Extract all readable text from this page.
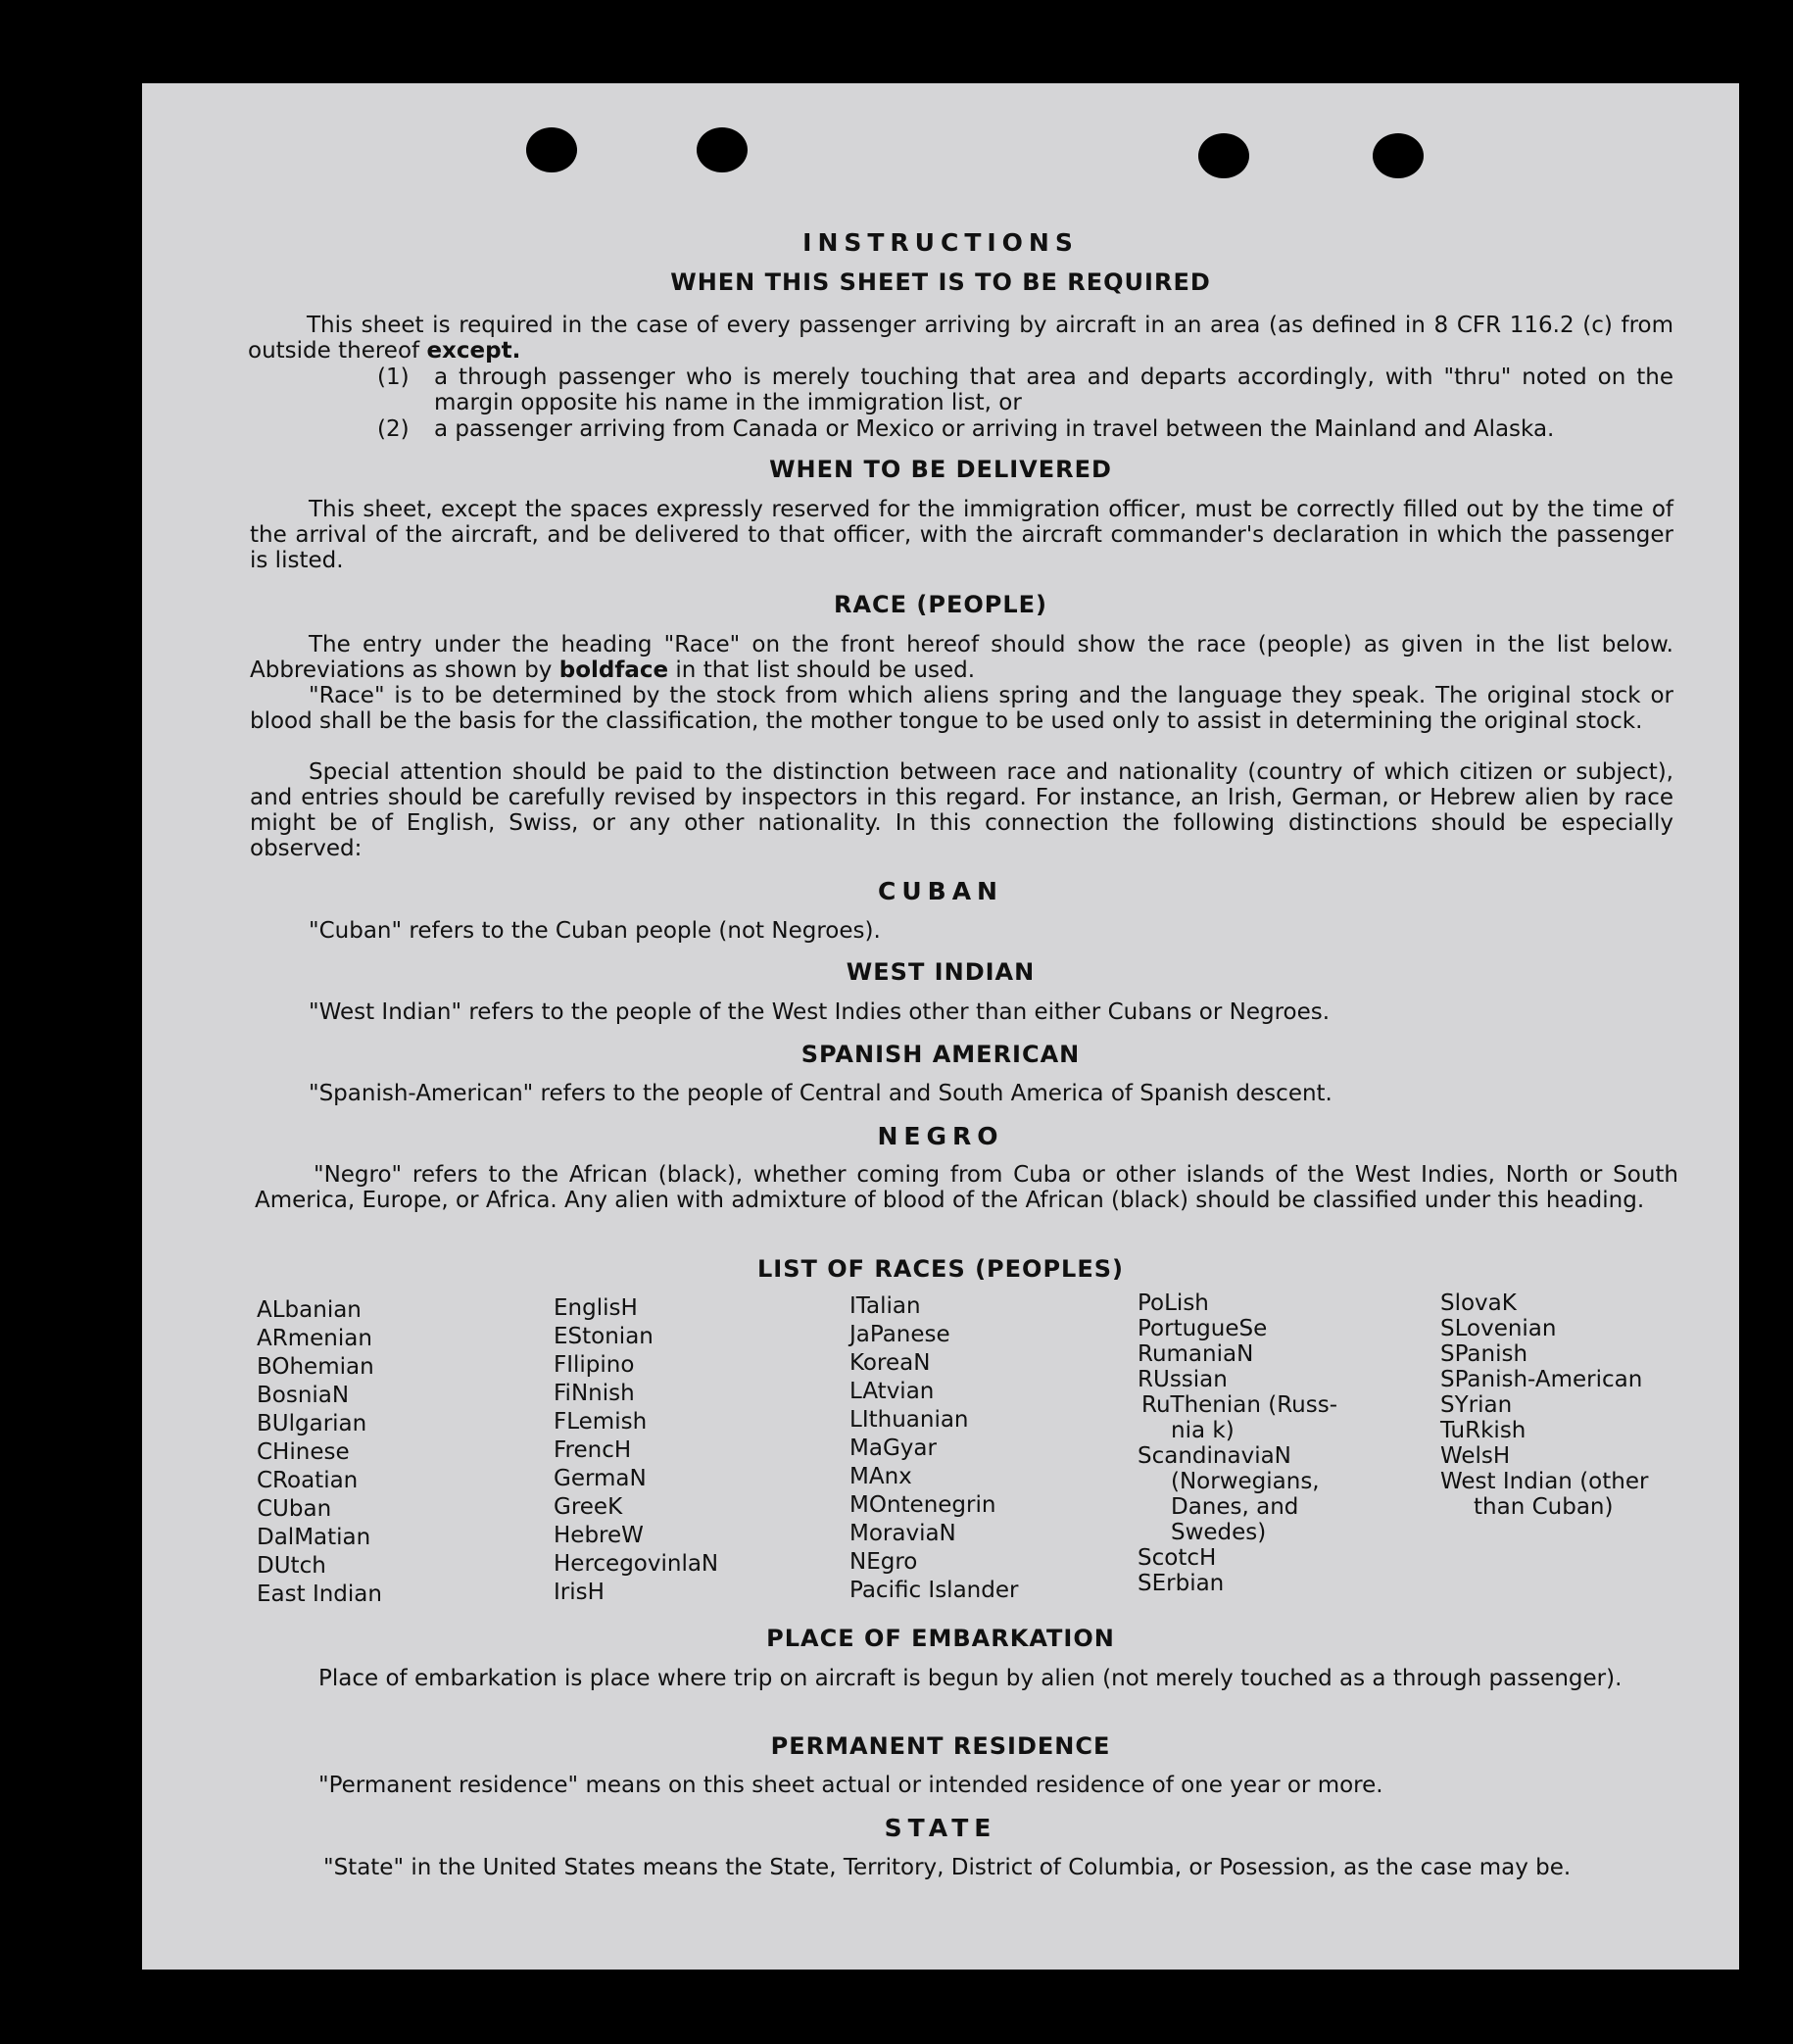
INSTRUCTIONS
WHEN THIS SHEET IS TO BE REQUIRED

This sheet is required in the case of every passenger arriving by aircraft in an area (as defined in 8 CFR 116.2 (c) from outside thereof except.

(1) a through passenger who is merely touching that area and departs accordingly, with "thru" noted on the margin opposite his name in the immigration list, or
(2) a passenger arriving from Canada or Mexico or arriving in travel between the Mainland and Alaska.
WHEN TO BE DELIVERED

This sheet, except the spaces expressly reserved for the immigration officer, must be correctly filled out by the time of the arrival of the aircraft, and be delivered to that officer, with the aircraft commander's declaration in which the passenger is listed.

RACE (PEOPLE)

The entry under the heading "Race" on the front hereof should show the race (people) as given in the list below. Abbreviations as shown by boldface in that list should be used.

"Race" is to be determined by the stock from which aliens spring and the language they speak. The original stock or blood shall be the basis for the classification, the mother tongue to be used only to assist in determining the original stock.

Special attention should be paid to the distinction between race and nationality (country of which citizen or subject), and entries should be carefully revised by inspectors in this regard. For instance, an Irish, German, or Hebrew alien by race might be of English, Swiss, or any other nationality. In this connection the following distinctions should be especially observed:

CUBAN

"Cuban" refers to the Cuban people (not Negroes).

WEST INDIAN

"West Indian" refers to the people of the West Indies other than either Cubans or Negroes.

SPANISH AMERICAN

"Spanish-American" refers to the people of Central and South America of Spanish descent.

NEGRO

"Negro" refers to the African (black), whether coming from Cuba or other islands of the West Indies, North or South America, Europe, or Africa. Any alien with admixture of blood of the African (black) should be classified under this heading.

LIST OF RACES (PEOPLES)
ALbanian
ARmenian
BOhemian
BosniaN
BUlgarian
CHinese
CRoatian
CUban
DalMatian
DUtch
East Indian
EnglisH
EStonian
FIlipino
FiNnish
FLemish
FrencH
GermaN
GreeK
HebreW
HercegovinlaN
IrisH
ITalian
JaPanese
KoreaN
LAtvian
LIthuanian
MaGyar
MAnx
MOntenegrin
MoraviaN
NEgro
Pacific Islander
PoLish
PortugueSe
RumaniaN
RUssian
RuThenian (Russ-
nia k)
ScandinaviaN
(Norwegians,
Danes, and
Swedes)
ScotcH
SErbian
SlovaK
SLovenian
SPanish
SPanish-American
SYrian
TuRkish
WelsH
West Indian (other
than Cuban)
PLACE OF EMBARKATION

Place of embarkation is place where trip on aircraft is begun by alien (not merely touched as a through passenger).

PERMANENT RESIDENCE

"Permanent residence" means on this sheet actual or intended residence of one year or more.

STATE

"State" in the United States means the State, Territory, District of Columbia, or Posession, as the case may be.
